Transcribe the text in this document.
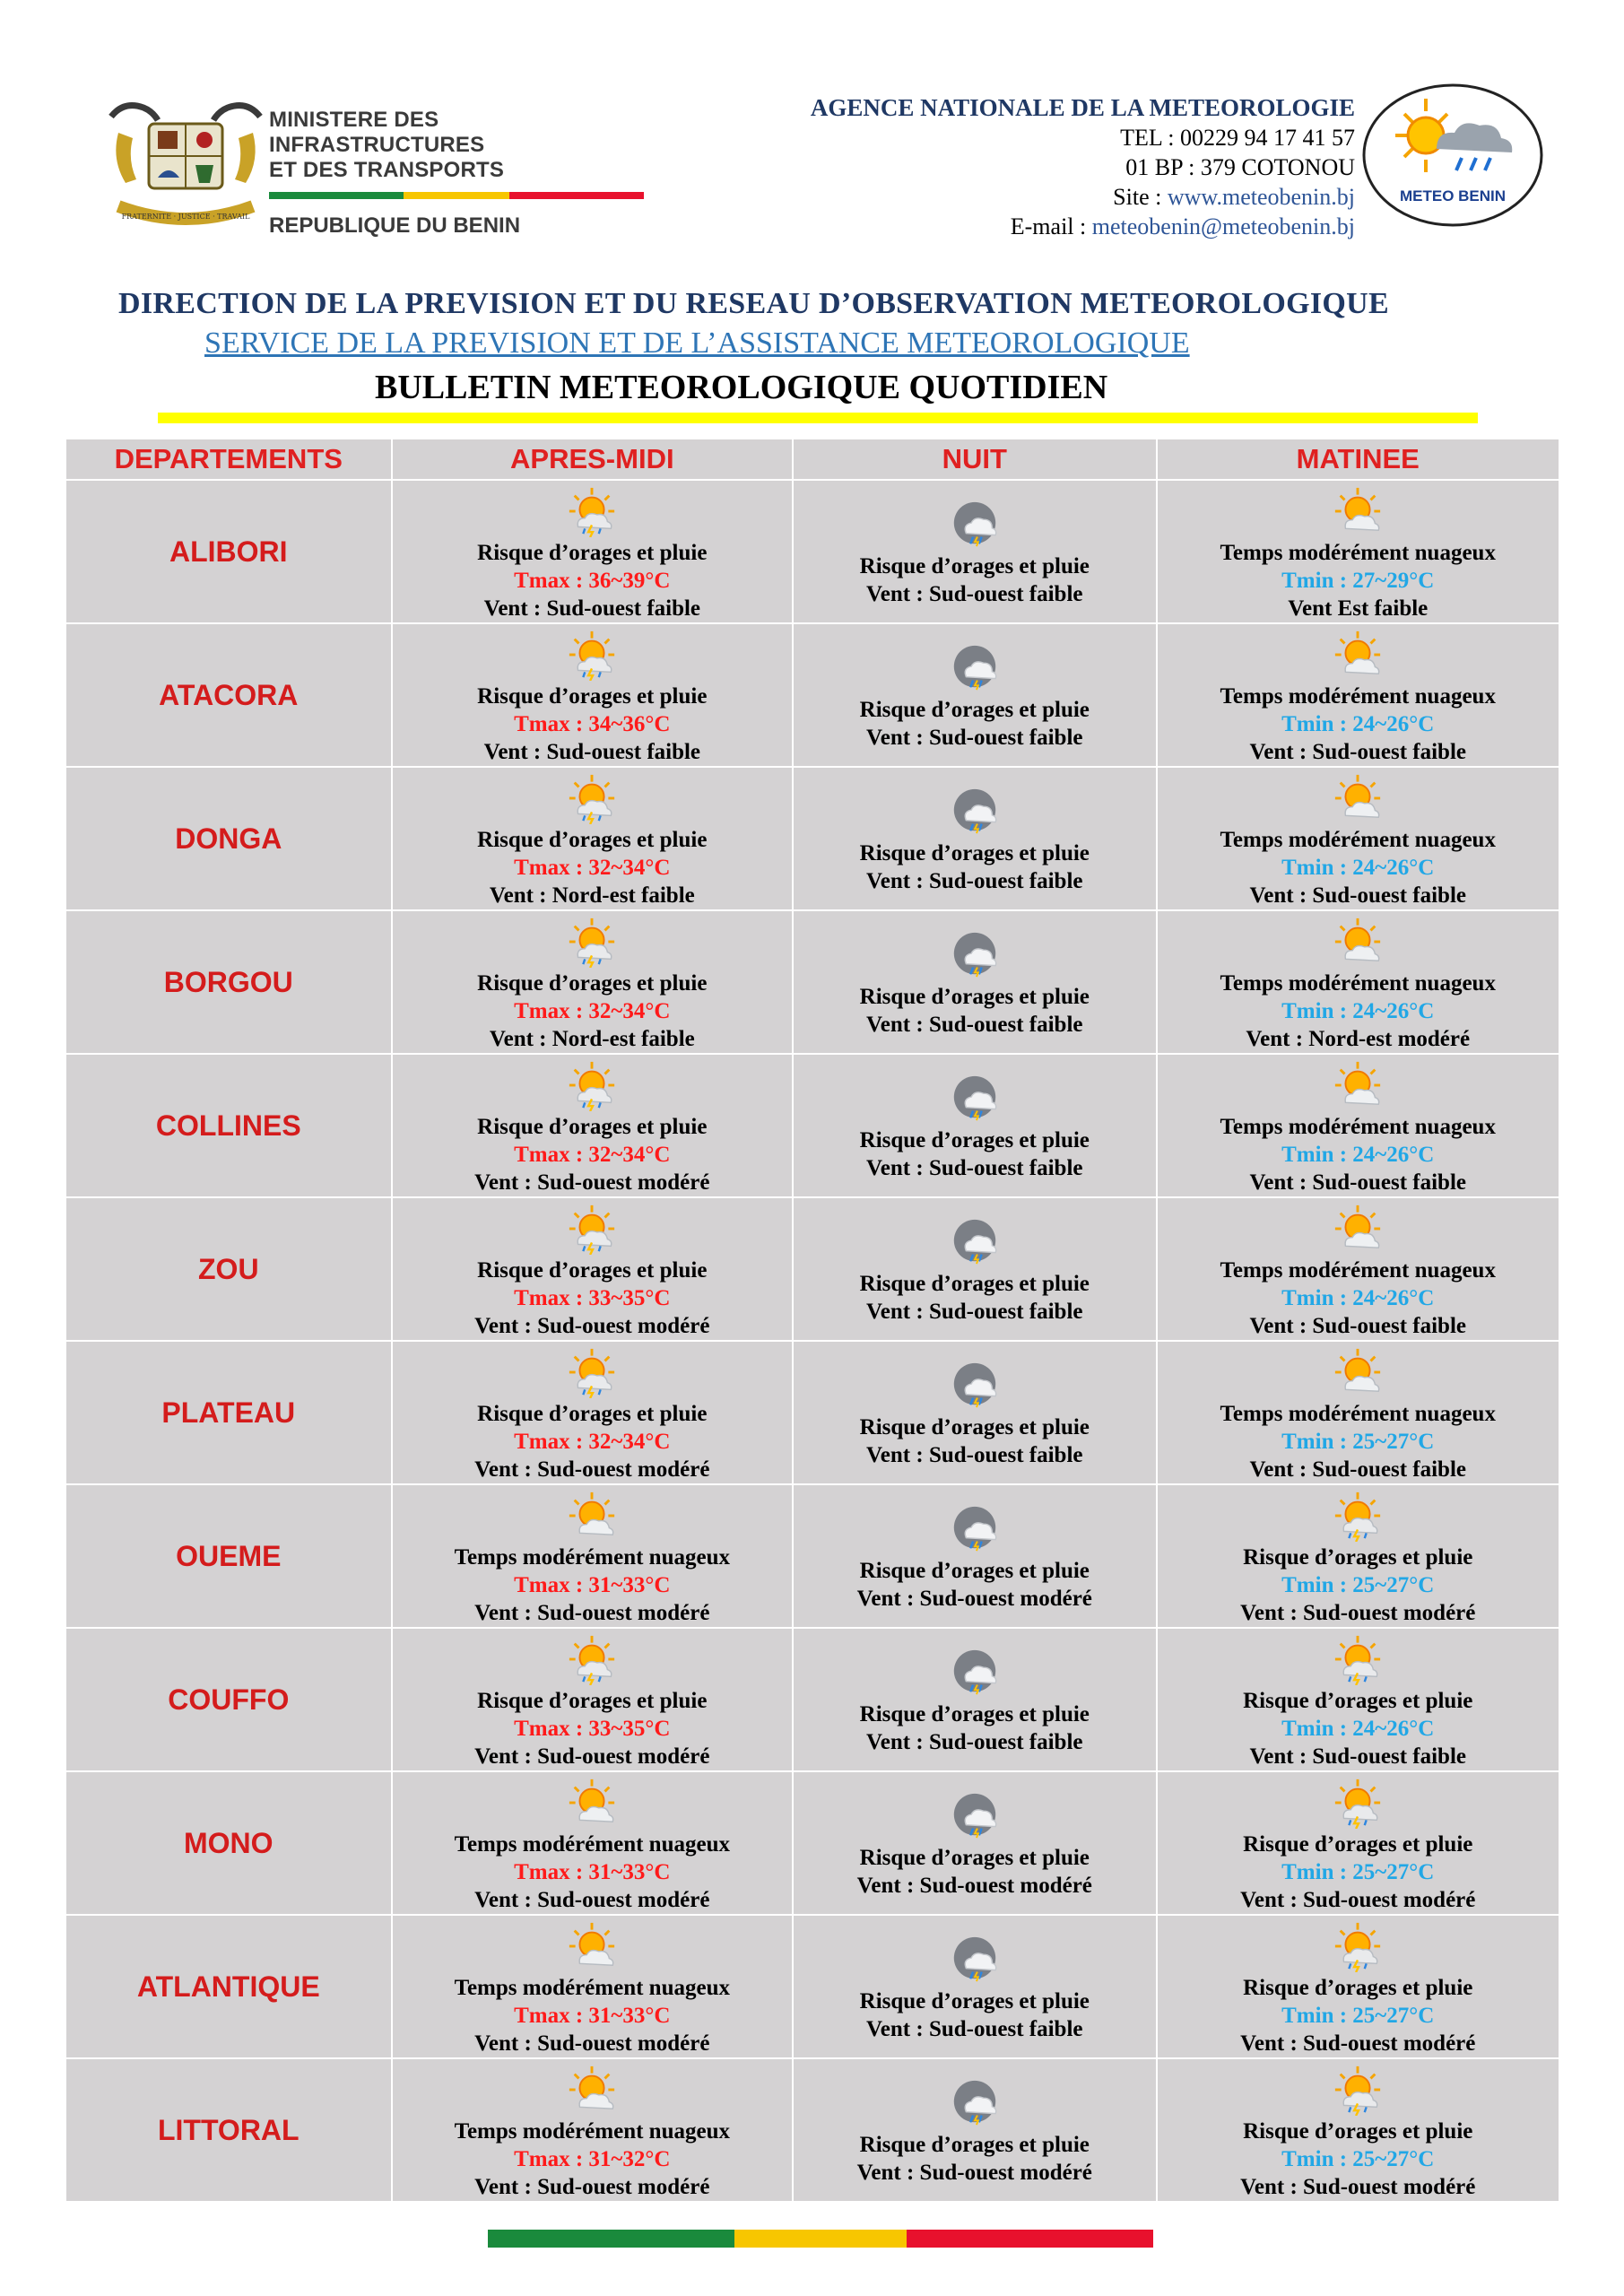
FRATERNITE · JUSTICE · TRAVAIL
MINISTERE DES INFRASTRUCTURES
ET DES TRANSPORTS
REPUBLIQUE DU BENIN
AGENCE NATIONALE DE LA METEOROLOGIE
TEL : 00229 94 17 41 57
01 BP : 379 COTONOU
Site : www.meteobenin.bj
E-mail : meteobenin@meteobenin.bj
METEO BENIN
DIRECTION DE LA PREVISION ET DU RESEAU D’OBSERVATION METEOROLOGIQUE
SERVICE DE LA PREVISION ET DE L’ASSISTANCE METEOROLOGIQUE
BULLETIN METEOROLOGIQUE QUOTIDIEN
DEPARTEMENTS	APRES-MIDI	NUIT	MATINEE
ALIBORI	Risque d’orages et pluie
Tmax : 36~39°C
Vent : Sud-ouest faible	Risque d’orages et pluie
Vent : Sud-ouest faible	Temps modérément nuageux
Tmin : 27~29°C
Vent Est faible

ATACORA	Risque d’orages et pluie
Tmax : 34~36°C
Vent : Sud-ouest faible	Risque d’orages et pluie
Vent : Sud-ouest faible	Temps modérément nuageux
Tmin : 24~26°C
Vent : Sud-ouest faible

DONGA	Risque d’orages et pluie
Tmax : 32~34°C
Vent : Nord-est faible	Risque d’orages et pluie
Vent : Sud-ouest faible	Temps modérément nuageux
Tmin : 24~26°C
Vent : Sud-ouest faible

BORGOU	Risque d’orages et pluie
Tmax : 32~34°C
Vent : Nord-est faible	Risque d’orages et pluie
Vent : Sud-ouest faible	Temps modérément nuageux
Tmin : 24~26°C
Vent : Nord-est modéré

COLLINES	Risque d’orages et pluie
Tmax : 32~34°C
Vent : Sud-ouest modéré	Risque d’orages et pluie
Vent : Sud-ouest faible	Temps modérément nuageux
Tmin : 24~26°C
Vent : Sud-ouest faible

ZOU	Risque d’orages et pluie
Tmax : 33~35°C
Vent : Sud-ouest modéré	Risque d’orages et pluie
Vent : Sud-ouest faible	Temps modérément nuageux
Tmin : 24~26°C
Vent : Sud-ouest faible

PLATEAU	Risque d’orages et pluie
Tmax : 32~34°C
Vent : Sud-ouest modéré	Risque d’orages et pluie
Vent : Sud-ouest faible	Temps modérément nuageux
Tmin : 25~27°C
Vent : Sud-ouest faible

OUEME	Temps modérément nuageux
Tmax : 31~33°C
Vent : Sud-ouest modéré	Risque d’orages et pluie
Vent : Sud-ouest modéré	Risque d’orages et pluie
Tmin : 25~27°C
Vent : Sud-ouest modéré

COUFFO	Risque d’orages et pluie
Tmax : 33~35°C
Vent : Sud-ouest modéré	Risque d’orages et pluie
Vent : Sud-ouest faible	Risque d’orages et pluie
Tmin : 24~26°C
Vent : Sud-ouest faible

MONO	Temps modérément nuageux
Tmax : 31~33°C
Vent : Sud-ouest modéré	Risque d’orages et pluie
Vent : Sud-ouest modéré	Risque d’orages et pluie
Tmin : 25~27°C
Vent : Sud-ouest modéré

ATLANTIQUE	Temps modérément nuageux
Tmax : 31~33°C
Vent : Sud-ouest modéré	Risque d’orages et pluie
Vent : Sud-ouest faible	Risque d’orages et pluie
Tmin : 25~27°C
Vent : Sud-ouest modéré

LITTORAL	Temps modérément nuageux
Tmax : 31~32°C
Vent : Sud-ouest modéré	Risque d’orages et pluie
Vent : Sud-ouest modéré	Risque d’orages et pluie
Tmin : 25~27°C
Vent : Sud-ouest modéré
